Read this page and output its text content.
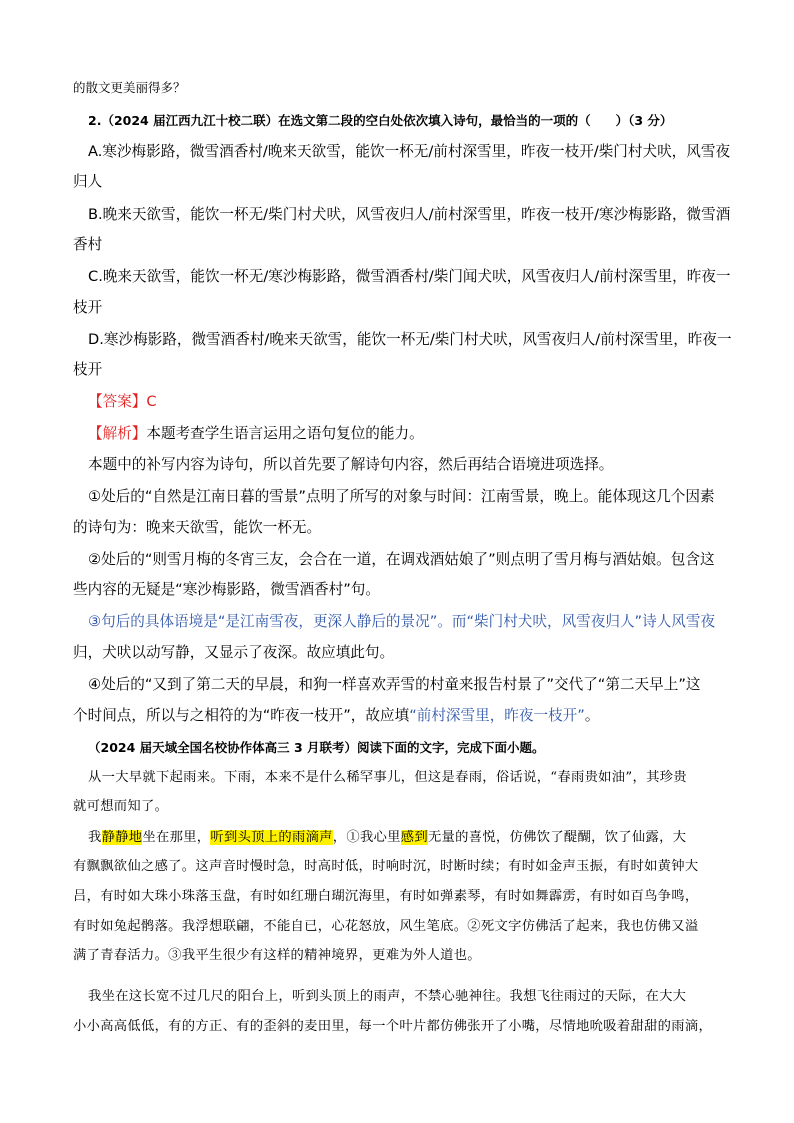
的散文更美丽得多？
2.（2024 届江西九江十校二联）在选文第二段的空白处依次填入诗句，最恰当的一项的（　　）（3 分）
A.寒沙梅影路，微雪酒香村/晚来天欲雪，能饮一杯无/前村深雪里，昨夜一枝开/柴门村犬吠，风雪夜
归人
B.晚来天欲雪，能饮一杯无/柴门村犬吠，风雪夜归人/前村深雪里，昨夜一枝开/寒沙梅影路，微雪酒
香村
C.晚来天欲雪，能饮一杯无/寒沙梅影路，微雪酒香村/柴门闻犬吠，风雪夜归人/前村深雪里，昨夜一
枝开
D.寒沙梅影路，微雪酒香村/晚来天欲雪，能饮一杯无/柴门村犬吠，风雪夜归人/前村深雪里，昨夜一
枝开
【答案】C
【解析】本题考查学生语言运用之语句复位的能力。
本题中的补写内容为诗句，所以首先要了解诗句内容，然后再结合语境进项选择。
①处后的“自然是江南日暮的雪景”点明了所写的对象与时间：江南雪景，晚上。能体现这几个因素
的诗句为：晚来天欲雪，能饮一杯无。
②处后的“则雪月梅的冬宵三友，会合在一道，在调戏酒姑娘了”则点明了雪月梅与酒姑娘。包含这
些内容的无疑是“寒沙梅影路，微雪酒香村”句。
③句后的具体语境是“是江南雪夜，更深人静后的景况”。而“柴门村犬吠，风雪夜归人”诗人风雪夜
归，犬吠以动写静，又显示了夜深。故应填此句。
④处后的“又到了第二天的早晨，和狗一样喜欢弄雪的村童来报告村景了”交代了“第二天早上”这
个时间点，所以与之相符的为“昨夜一枝开”，故应填“前村深雪里，昨夜一枝开”。
（2024 届天域全国名校协作体高三 3 月联考）阅读下面的文字，完成下面小题。
从一大早就下起雨来。下雨，本来不是什么稀罕事儿，但这是春雨，俗话说，“春雨贵如油”，其珍贵
就可想而知了。
我静静地坐在那里，听到头顶上的雨滴声，①我心里感到无量的喜悦，仿佛饮了醍醐，饮了仙露，大
有飘飘欲仙之感了。这声音时慢时急，时高时低，时响时沉，时断时续；有时如金声玉振，有时如黄钟大
吕，有时如大珠小珠落玉盘，有时如红珊白瑚沉海里，有时如弹素琴，有时如舞霹雳，有时如百鸟争鸣，
有时如兔起鹘落。我浮想联翩，不能自已，心花怒放，风生笔底。②死文字仿佛活了起来，我也仿佛又溢
满了青春活力。③我平生很少有这样的精神境界，更难为外人道也。
我坐在这长宽不过几尺的阳台上，听到头顶上的雨声，不禁心驰神往。我想飞往雨过的天际，在大大
小小高高低低，有的方正、有的歪斜的麦田里，每一个叶片都仿佛张开了小嘴，尽情地吮吸着甜甜的雨滴，
